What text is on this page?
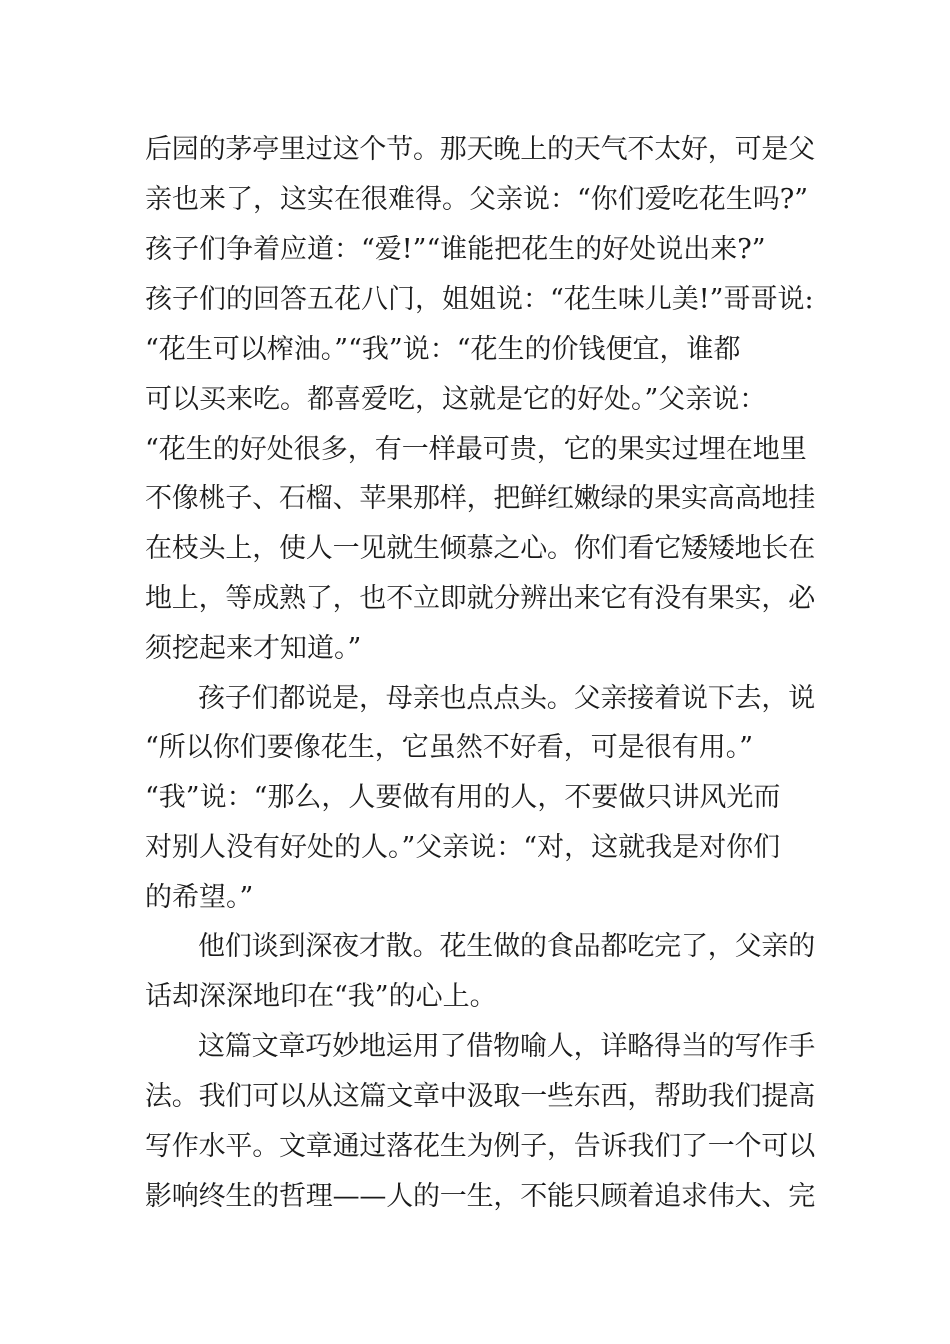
后园的茅亭里过这个节。那天晚上的天气不太好，可是父
亲也来了，这实在很难得。父亲说：“你们爱吃花生吗?”
孩子们争着应道：“爱!”“谁能把花生的好处说出来?”
孩子们的回答五花八门，姐姐说：“花生味儿美!”哥哥说:
“花生可以榨油。”“我”说：“花生的价钱便宜，谁都
可以买来吃。都喜爱吃，这就是它的好处。”父亲说：
“花生的好处很多，有一样最可贵，它的果实过埋在地里
不像桃子、石榴、苹果那样，把鲜红嫩绿的果实高高地挂
在枝头上，使人一见就生倾慕之心。你们看它矮矮地长在
地上，等成熟了，也不立即就分辨出来它有没有果实，必
须挖起来才知道。”
孩子们都说是，母亲也点点头。父亲接着说下去，说
“所以你们要像花生，它虽然不好看，可是很有用。”
“我”说：“那么，人要做有用的人，不要做只讲风光而
对别人没有好处的人。”父亲说：“对，这就我是对你们
的希望。”
他们谈到深夜才散。花生做的食品都吃完了，父亲的
话却深深地印在“我”的心上。
这篇文章巧妙地运用了借物喻人，详略得当的写作手
法。我们可以从这篇文章中汲取一些东西，帮助我们提高
写作水平。文章通过落花生为例子，告诉我们了一个可以
影响终生的哲理——人的一生，不能只顾着追求伟大、完
